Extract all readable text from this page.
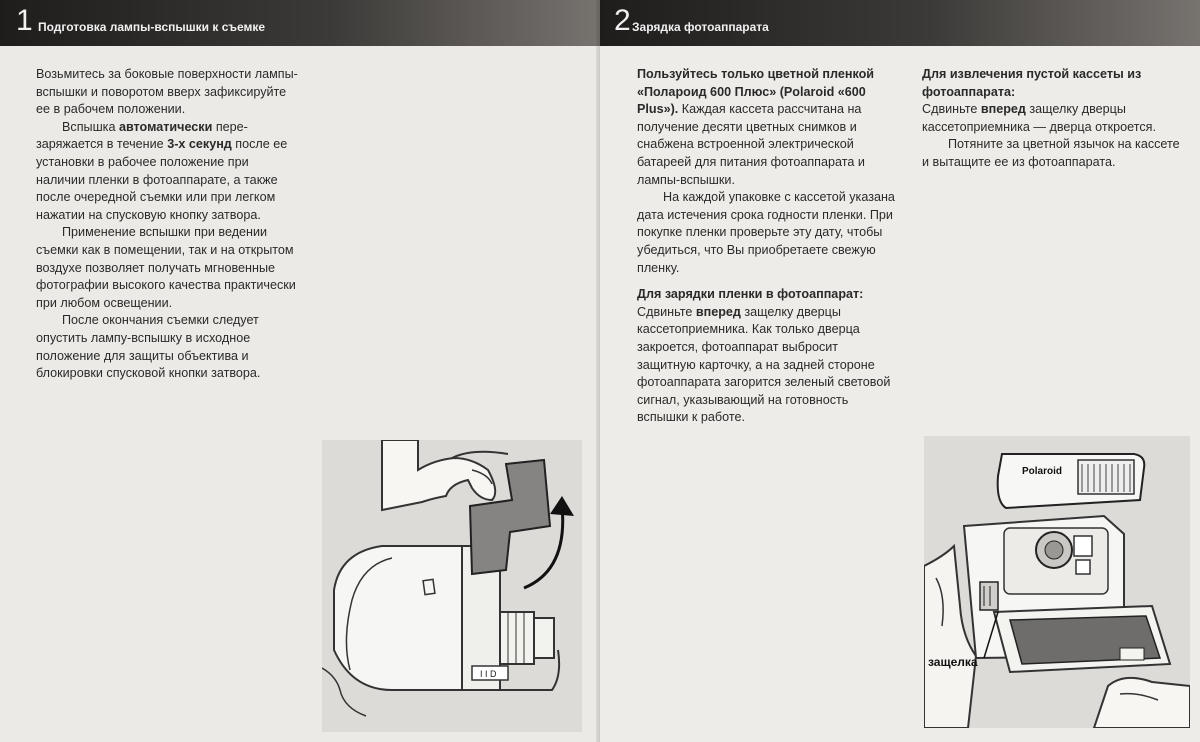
1 Подготовка лампы-вспышки к съемке

Возьмитесь за боковые поверхности лампы-вспышки и поворотом вверх зафиксируйте ее в рабочем положении.

Вспышка автоматически пере-заряжается в течение 3-х секунд после ее установки в рабочее положение при наличии пленки в фотоаппарате, а также после очередной съемки или при легком нажатии на спусковую кнопку затвора.

Применение вспышки при ведении съемки как в помещении, так и на открытом воздухе позволяет получать мгновенные фотографии высокого качества практически при любом освещении.

После окончания съемки следует опустить лампу-вспышку в исходное положение для защиты объектива и блокировки спусковой кнопки затвора.

I I D
2 Зарядка фотоаппарата

Пользуйтесь только цветной пленкой «Полароид 600 Плюс» (Polaroid «600 Plus»). Каждая кассета рассчитана на получение десяти цветных снимков и снабжена встроенной электрической батареей для питания фотоаппарата и лампы-вспышки.

На каждой упаковке с кассетой указана дата истечения срока годности пленки. При покупке пленки проверьте эту дату, чтобы убедиться, что Вы приобретаете свежую пленку.

Для зарядки пленки в фотоаппарат:

Сдвиньте вперед защелку дверцы кассетоприемника. Как только дверца закроется, фотоаппарат выбросит защитную карточку, а на задней стороне фотоаппарата загорится зеленый световой сигнал, указывающий на готовность вспышки к работе.

Для извлечения пустой кассеты из фотоаппарата:

Сдвиньте вперед защелку дверцы кассетоприемника — дверца откроется.

Потяните за цветной язычок на кассете и вытащите ее из фотоаппарата.

Polaroid
защелка
